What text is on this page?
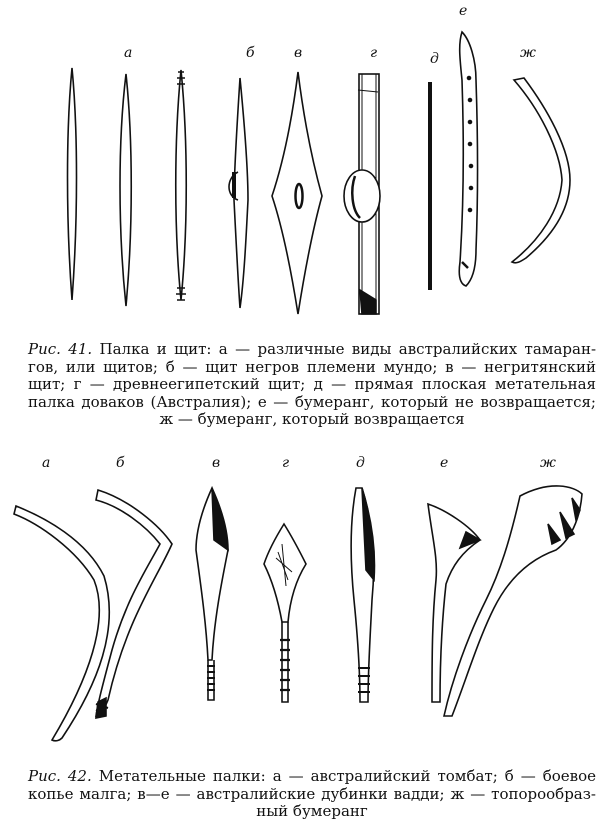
а	б	в	г	д
е
ж
Рис. 41. Палка и щит: а — различные виды австралийских тамаран-
гов, или щитов; б — щит негров племени мундо; в — негритянский
щит; г — древнеегипетский щит; д — прямая плоская метательная
палка доваков (Австралия); е — бумеранг, который не возвращается;
ж — бумеранг, который возвращается
а	б	в	г	д	е	ж
Рис. 42. Метательные палки: а — австралийский томбат; б — боевое
копье малга; в—е — австралийские дубинки вадди; ж — топорообраз-
ный бумеранг
